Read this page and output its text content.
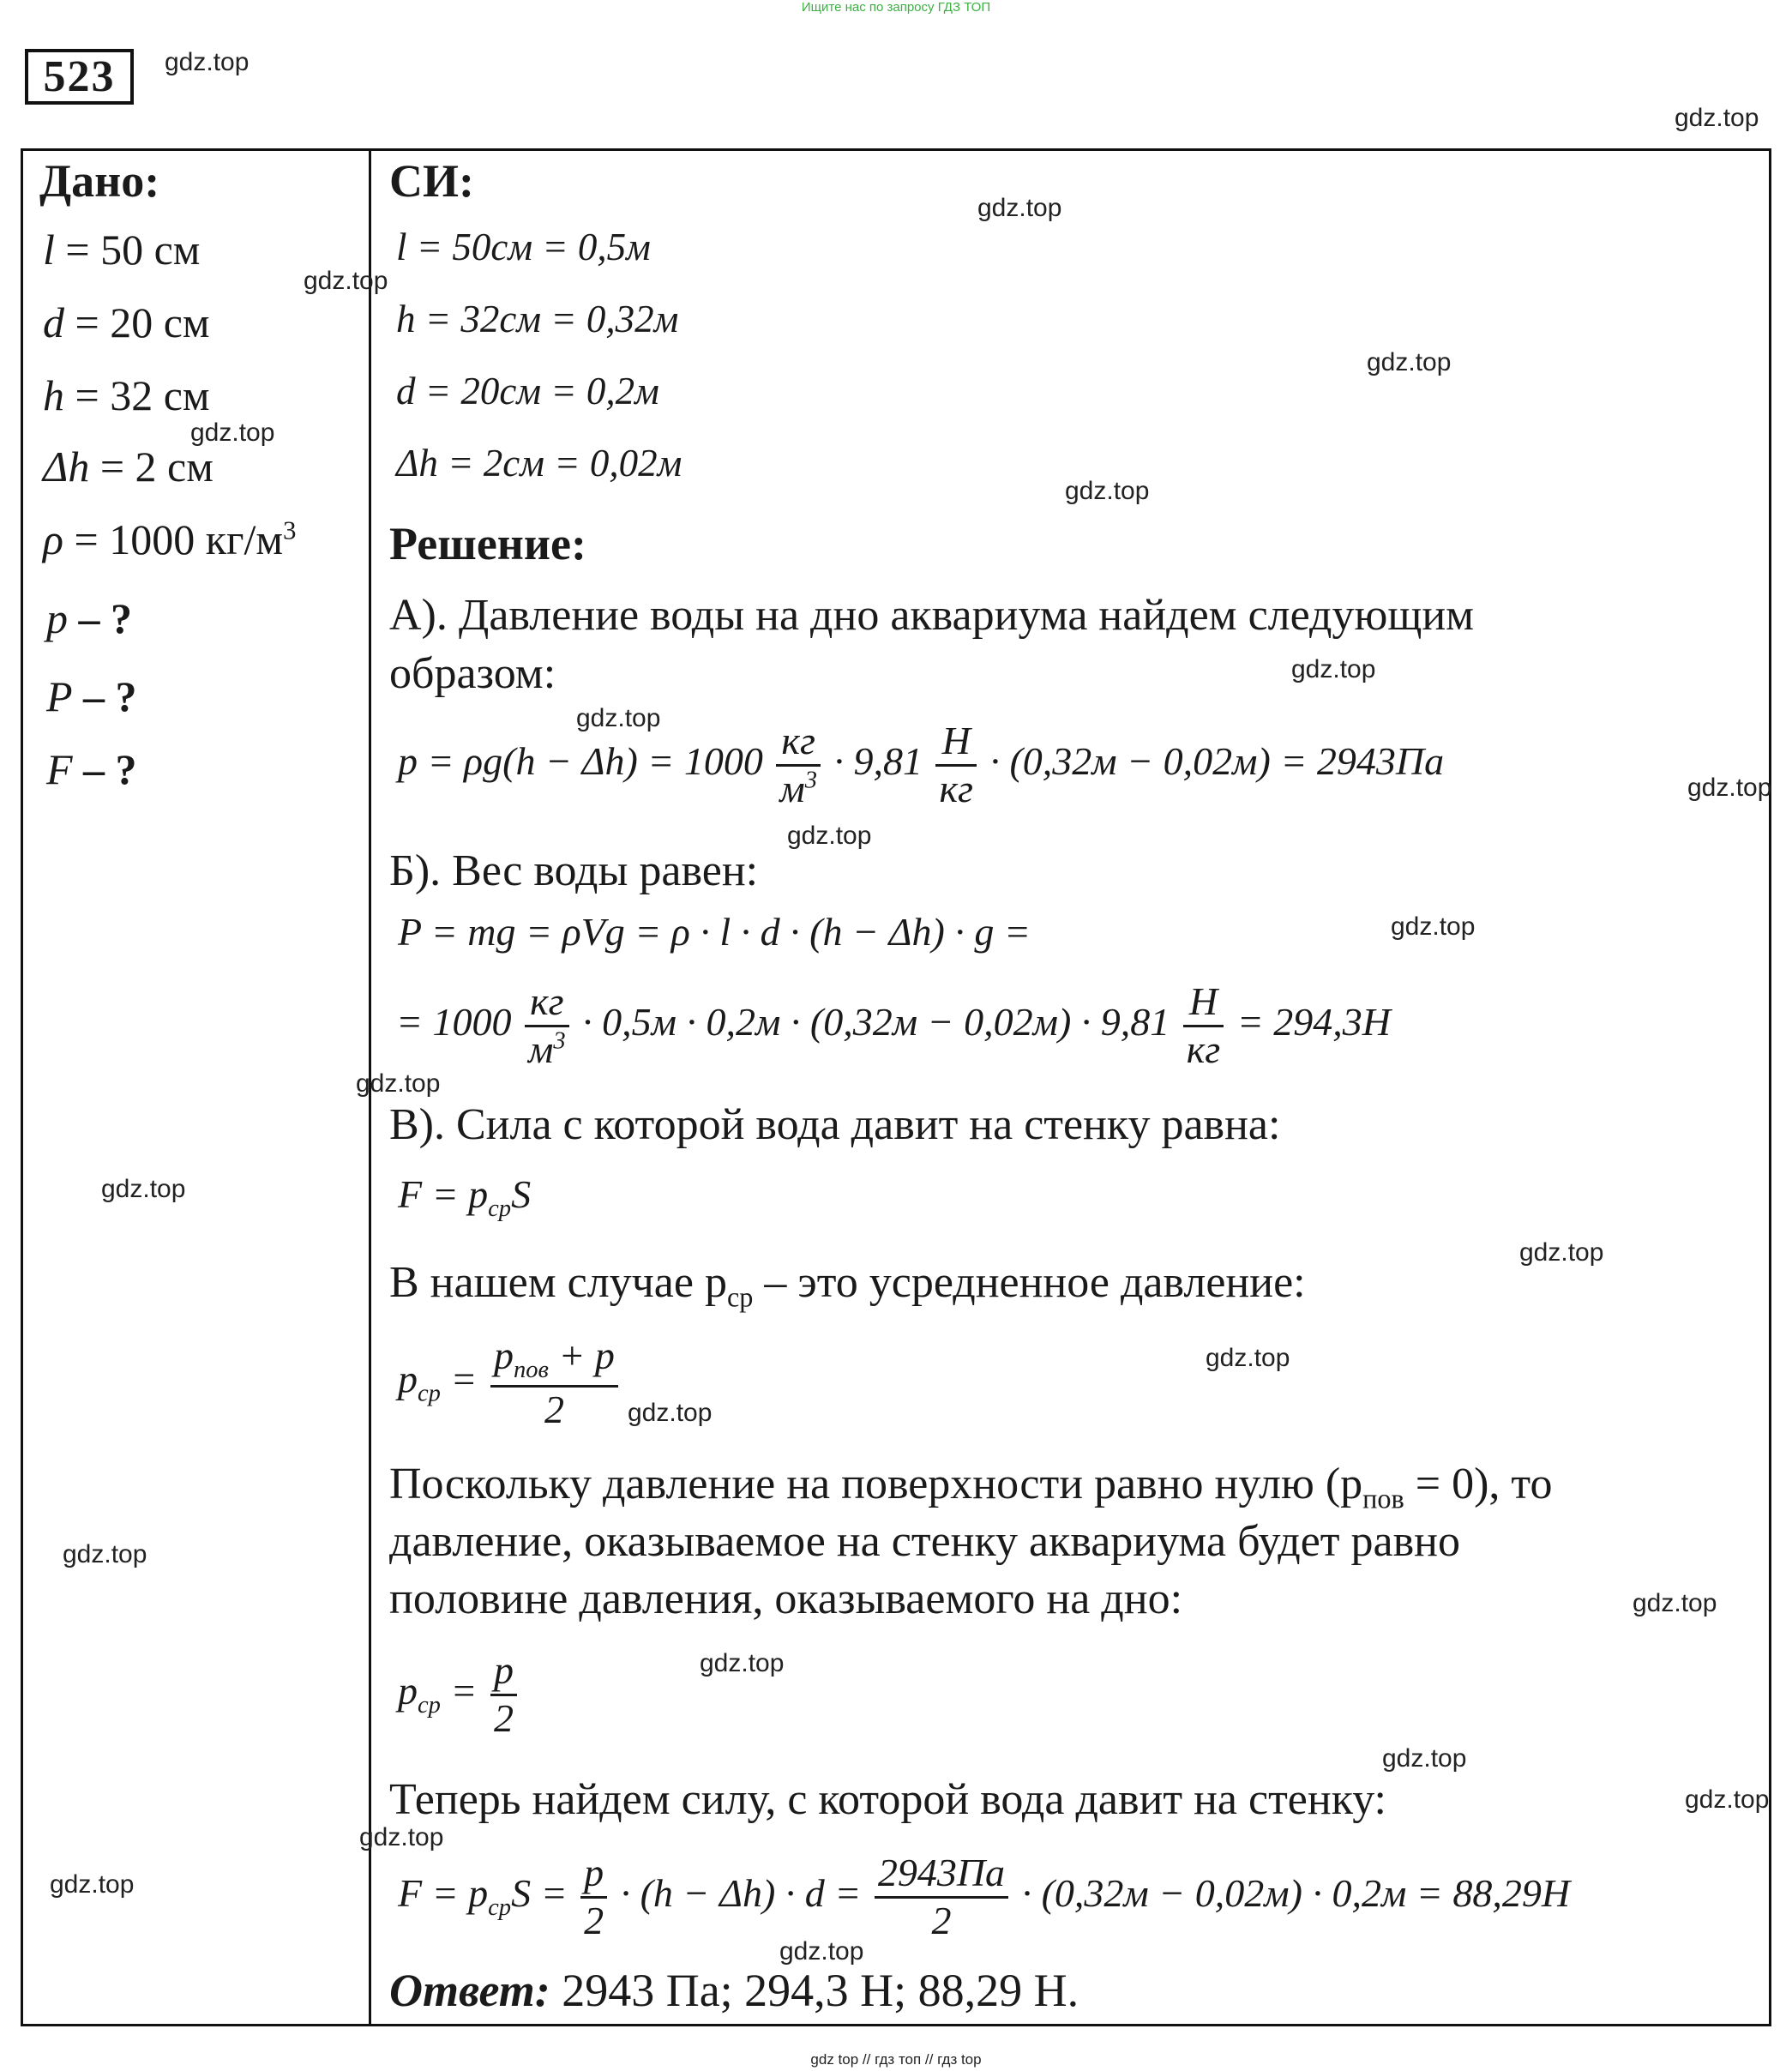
Ищите нас по запросу ГДЗ ТОП
523
Дано:
l = 50 см
d = 20 см
h = 32 см
Δh = 2 см
ρ = 1000 $кг/м^3$
p – ?
P – ?
F – ?
СИ:
l = 50см = 0,5м
h = 32см = 0,32м
d = 20см = 0,2м
Δh = 2см = 0,02м
Решение:
А). Давление воды на дно аквариума найдем следующим
образом:
$p = \rho g(h - \Delta h) = 1000 \frac{кг}{м^3} \cdot 9,81 \frac{Н}{кг} \cdot (0,32м - 0,02м) = 2943Па$
Б). Вес воды равен:
P = mg = ρVg = ρ · l · d · (h − Δh) · g =
= $1000 \frac{кг}{м^3} \cdot 0,5м \cdot 0,2м \cdot (0,32м - 0,02м) \cdot 9,81 \frac{Н}{кг} = 294,3Н$
В). Сила с которой вода давит на стенку равна:
$F = p_{ср}S$
В нашем случае $p_{ср}$ – это усредненное давление:
$p_{ср} = \frac{p_{пов} + p}{2}$
Поскольку давление на поверхности равно нулю $(p_{пов} = 0)$, то
давление, оказываемое на стенку аквариума будет равно
половине давления, оказываемого на дно:
$p_{ср} = \frac{p}{2}$
Теперь найдем силу, с которой вода давит на стенку:
$F = p_{ср}S = \frac{p}{2} \cdot (h - \Delta h) \cdot d = \frac{2943Па}{2} \cdot (0,32м - 0,02м) \cdot 0,2м = 88,29Н$
Ответ: 2943 Па; 294,3 Н; 88,29 Н.
gdz.top
gdz.top
gdz.top
gdz.top
gdz.top
gdz.top
gdz.top
gdz.top
gdz.top
gdz.top
gdz.top
gdz.top
gdz.top
gdz.top
gdz.top
gdz.top
gdz.top
gdz.top
gdz.top
gdz.top
gdz.top
gdz.top
gdz.top
gdz.top
gdz.top
gdz top // гдз топ // гдз top
